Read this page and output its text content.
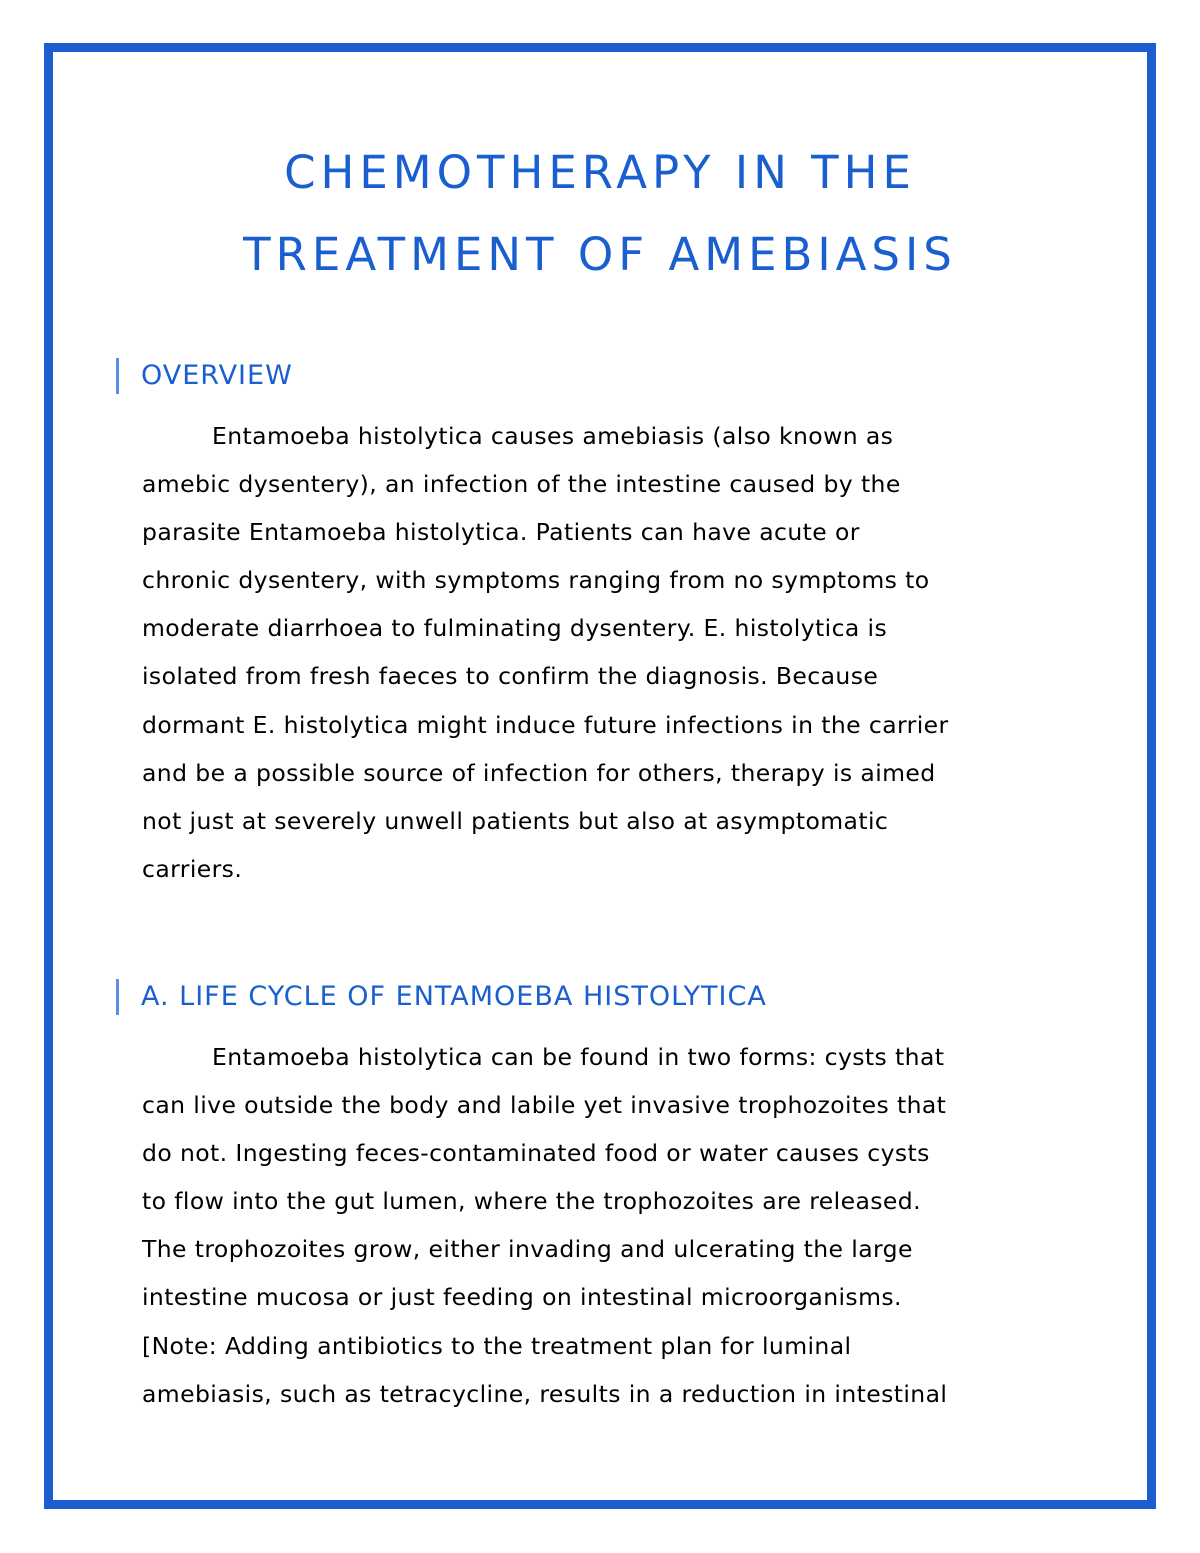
CHEMOTHERAPY IN THE
TREATMENT OF AMEBIASIS
OVERVIEW

Entamoeba histolytica causes amebiasis (also known as
amebic dysentery), an infection of the intestine caused by the
parasite Entamoeba histolytica. Patients can have acute or
chronic dysentery, with symptoms ranging from no symptoms to
moderate diarrhoea to fulminating dysentery. E. histolytica is
isolated from fresh faeces to confirm the diagnosis. Because
dormant E. histolytica might induce future infections in the carrier
and be a possible source of infection for others, therapy is aimed
not just at severely unwell patients but also at asymptomatic
carriers.

A. LIFE CYCLE OF ENTAMOEBA HISTOLYTICA

Entamoeba histolytica can be found in two forms: cysts that
can live outside the body and labile yet invasive trophozoites that
do not. Ingesting feces-contaminated food or water causes cysts
to flow into the gut lumen, where the trophozoites are released.
The trophozoites grow, either invading and ulcerating the large
intestine mucosa or just feeding on intestinal microorganisms.
[Note: Adding antibiotics to the treatment plan for luminal
amebiasis, such as tetracycline, results in a reduction in intestinal
